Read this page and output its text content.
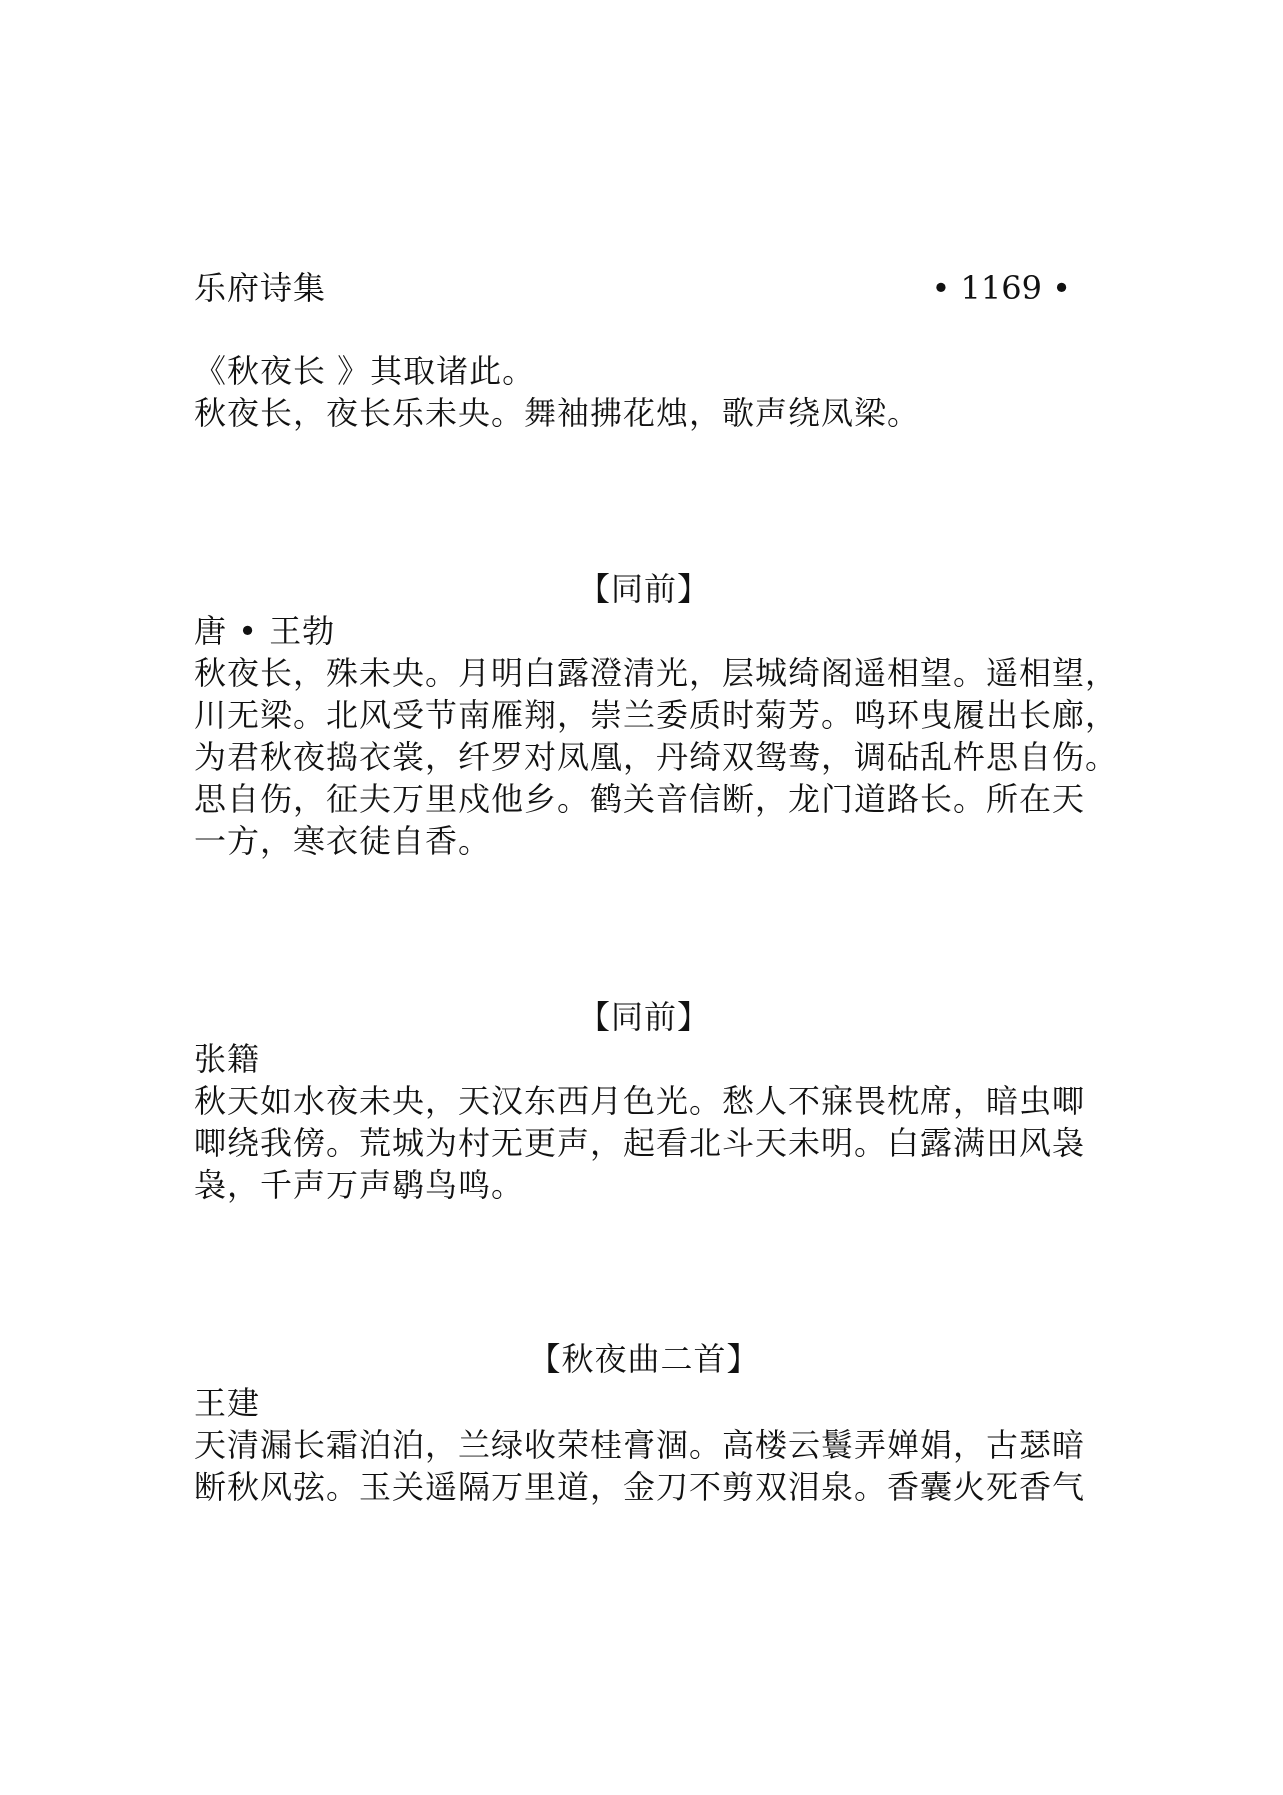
乐府诗集	• 1169 •

《秋夜长 》其取诸此。

秋夜长，夜长乐未央。舞袖拂花烛，歌声绕凤梁。

【同前】

唐 • 王勃

秋夜长，殊未央。月明白露澄清光，层城绮阁遥相望。遥相望，

川无梁。北风受节南雁翔，崇兰委质时菊芳。鸣环曳履出长廊，

为君秋夜捣衣裳，纤罗对凤凰，丹绮双鸳鸯，调砧乱杵思自伤。

思自伤，征夫万里戍他乡。鹤关音信断，龙门道路长。所在天

一方，寒衣徒自香。

【同前】

张籍

秋天如水夜未央，天汉东西月色光。愁人不寐畏枕席，暗虫唧

唧绕我傍。荒城为村无更声，起看北斗天未明。白露满田风袅

袅，千声万声鹖鸟鸣。

【秋夜曲二首】

王建

天清漏长霜泊泊，兰绿收荣桂膏涸。高楼云鬟弄婵娟，古瑟暗

断秋风弦。玉关遥隔万里道，金刀不剪双泪泉。香囊火死香气
